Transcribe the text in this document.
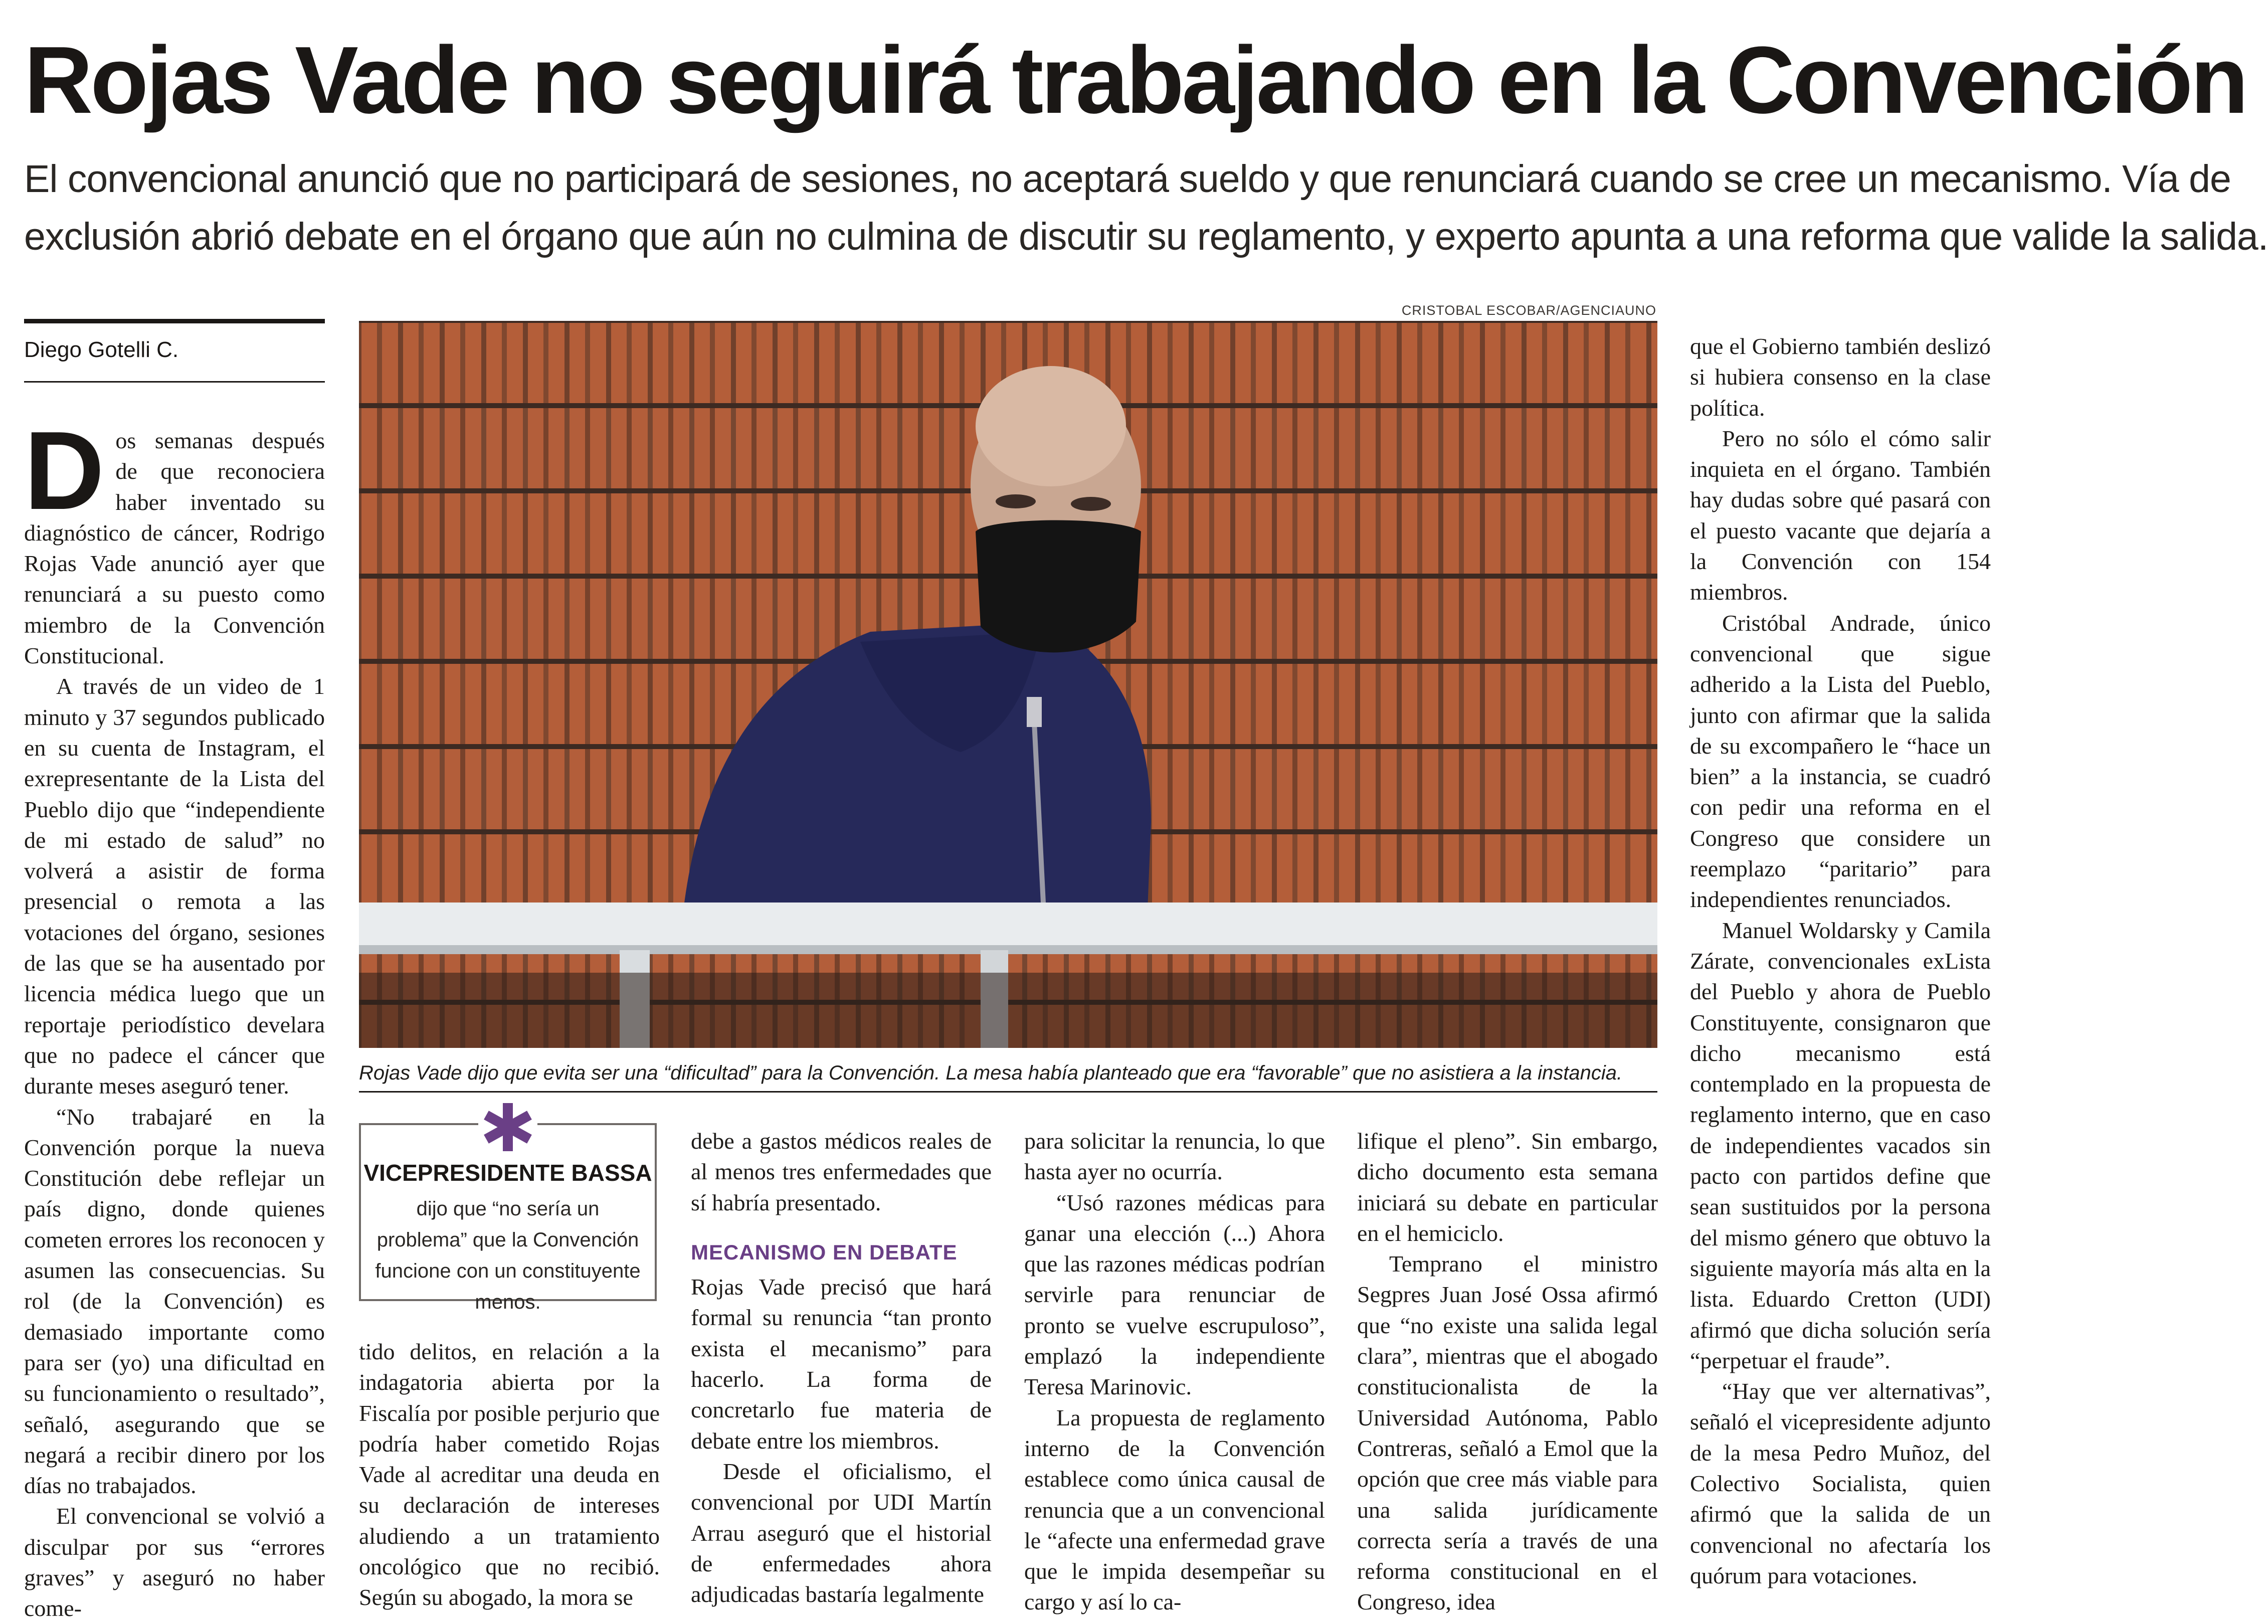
Rojas Vade no seguirá trabajando en la Convención
El convencional anunció que no participará de sesiones, no aceptará sueldo y que renunciará cuando se cree un mecanismo. Vía de
exclusión abrió debate en el órgano que aún no culmina de discutir su reglamento, y experto apunta a una reforma que valide la salida.
Diego Gotelli C.

Dos semanas después de que reconociera haber inventado su diagnóstico de cáncer, Rodrigo Rojas Vade anunció ayer que renunciará a su puesto como miembro de la Convención Constitucional.

A través de un video de 1 minuto y 37 segundos publicado en su cuenta de Instagram, el exrepresentante de la Lista del Pueblo dijo que “independiente de mi estado de salud” no volverá a asistir de forma presencial o remota a las votaciones del órgano, sesiones de las que se ha ausentado por licencia médica luego que un reportaje periodístico develara que no padece el cáncer que durante meses aseguró tener.

“No trabajaré en la Convención porque la nueva Constitución debe reflejar un país digno, donde quienes cometen errores los reconocen y asumen las consecuencias. Su rol (de la Convención) es demasiado importante como para ser (yo) una dificultad en su funcionamiento o resultado”, señaló, asegurando que se negará a recibir dinero por los días no trabajados.

El convencional se volvió a disculpar por sus “errores graves” y aseguró no haber come-

CRISTOBAL ESCOBAR/AGENCIAUNO
Rojas Vade dijo que evita ser una “dificultad” para la Convención. La mesa había planteado que era “favorable” que no asistiera a la instancia.
VICEPRESIDENTE BASSA
dijo que “no sería un problema” que la Convención funcione con un constituyente menos.

tido delitos, en relación a la indagatoria abierta por la Fiscalía por posible perjurio que podría haber cometido Rojas Vade al acreditar una deuda en su declaración de intereses aludiendo a un tratamiento oncológico que no recibió. Según su abogado, la mora se

debe a gastos médicos reales de al menos tres enfermedades que sí habría presentado.

MECANISMO EN DEBATE

Rojas Vade precisó que hará formal su renuncia “tan pronto exista el mecanismo” para hacerlo. La forma de concretarlo fue materia de debate entre los miembros.

Desde el oficialismo, el convencional por UDI Martín Arrau aseguró que el historial de enfermedades ahora adjudicadas bastaría legalmente

para solicitar la renuncia, lo que hasta ayer no ocurría.

“Usó razones médicas para ganar una elección (...) Ahora que las razones médicas podrían servirle para renunciar de pronto se vuelve escrupuloso”, emplazó la independiente Teresa Marinovic.

La propuesta de reglamento interno de la Convención establece como única causal de renuncia que a un convencional le “afecte una enfermedad grave que le impida desempeñar su cargo y así lo ca-

lifique el pleno”. Sin embargo, dicho documento esta semana iniciará su debate en particular en el hemiciclo.

Temprano el ministro Segpres Juan José Ossa afirmó que “no existe una salida legal clara”, mientras que el abogado constitucionalista de la Universidad Autónoma, Pablo Contreras, señaló a Emol que la opción que cree más viable para una salida jurídicamente correcta sería a través de una reforma constitucional en el Congreso, idea

que el Gobierno también deslizó si hubiera consenso en la clase política.

Pero no sólo el cómo salir inquieta en el órgano. También hay dudas sobre qué pasará con el puesto vacante que dejaría a la Convención con 154 miembros.

Cristóbal Andrade, único convencional que sigue adherido a la Lista del Pueblo, junto con afirmar que la salida de su excompañero le “hace un bien” a la instancia, se cuadró con pedir una reforma en el Congreso que considere un reemplazo “paritario” para independientes renunciados.

Manuel Woldarsky y Camila Zárate, convencionales exLista del Pueblo y ahora de Pueblo Constituyente, consignaron que dicho mecanismo está contemplado en la propuesta de reglamento interno, que en caso de independientes vacados sin pacto con partidos define que sean sustituidos por la persona del mismo género que obtuvo la siguiente mayoría más alta en la lista. Eduardo Cretton (UDI) afirmó que dicha solución sería “perpetuar el fraude”.

“Hay que ver alternativas”, señaló el vicepresidente adjunto de la mesa Pedro Muñoz, del Colectivo Socialista, quien afirmó que la salida de un convencional no afectaría los quórum para votaciones.
